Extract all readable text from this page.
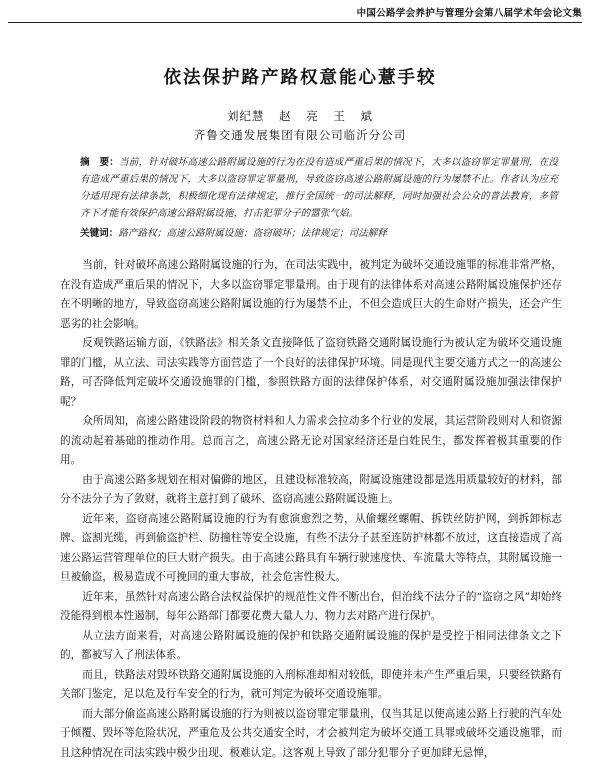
中国公路学会养护与管理分会第八届学术年会论文集
依法保护路产路权意能心薏手较
刘纪慧 赵 亮 王 斌
齐鲁交通发展集团有限公司临沂分公司
摘　要：当前，针对破坏高速公路附属设施的行为在没有造成严重后果的情况下，大多以盗窃罪定罪量刑，在没有造成严重后果的情况下，大多以盗窃罪定罪量刑，导致盗窃高速公路附属设施的行为屡禁不止。作者认为应充分适用现有法律条款，积极细化现有法律规定，推行全国统一的司法解释，同时加强社会公众的普法教育，多管齐下才能有效保护高速公路附属设施，打击犯罪分子的嚣张气焰。
关键词：路产路权；高速公路附属设施；盗窃破坏；法律规定；司法解释

当前，针对破坏高速公路附属设施的行为，在司法实践中，被判定为破坏交通设施罪的标准非常严格，在没有造成严重后果的情况下，大多以盗窃罪定罪量刑。由于现有的法律体系对高速公路附属设施保护还存在不明晰的地方，导致盗窃高速公路附属设施的行为屡禁不止，不但会造成巨大的生命财产损失，还会产生恶劣的社会影响。

反观铁路运输方面，《铁路法》相关条文直接降低了盗窃铁路交通附属设施行为被认定为破坏交通设施罪的门槛，从立法、司法实践等方面营造了一个良好的法律保护环境。同是现代主要交通方式之一的高速公路，可否降低判定破坏交通设施罪的门槛，参照铁路方面的法律保护体系，对交通附属设施加强法律保护呢？

众所周知，高速公路建设阶段的物资材料和人力需求会拉动多个行业的发展，其运营阶段则对人和资源的流动起着基础的推动作用。总而言之，高速公路无论对国家经济还是白姓民生，都发挥着极其重要的作用。

由于高速公路多规划在相对偏僻的地区，且建设标准较高，附属设施建设都是选用质量较好的材料，部分不法分子为了敛财，就将主意打到了破坏、盗窃高速公路附属设施上。

近年来，盗窃高速公路附属设施的行为有愈演愈烈之势，从偷螺丝螺帽、拆铁丝防护网，到拆卸标志牌、盗割光缆，再到偷盗护栏、防撞柱等安全设施，有些不法分子甚至连防护林都不放过，这直接造成了高速公路运营管理单位的巨大财产损失。由于高速公路具有车辆行驶速度快、车流量大等特点，其附属设施一旦被偷盗，极易造成不可挽回的重大事故，社会危害性极大。

近年来，虽然针对高速公路合法权益保护的规范性文件不断出台，但治线不法分子的“盗窃之风”却始终没能得到根本性遏制，每年公路部门都要花费大量人力、物力去对路产进行保护。

从立法方面来看，对高速公路附属设施的保护和铁路交通附属设施的保护是受控于相同法律条文之下的，都被写入了刑法体系。

而且，铁路法对毁坏铁路交通附属设施的入刑标准却相对较低，即使并未产生严重后果，只要经铁路有关部门鉴定，足以危及行车安全的行为，就可判定为破坏交通设施罪。

而大部分偷盗高速公路附属设施的行为则被以盗窃罪定罪量刑，仅当其足以使高速公路上行驶的汽车处于倾覆、毁坏等危险状况，严重危及公共交通安全时，才会被判定为破坏交通工具罪或破坏交通设施罪，而且这种情况在司法实践中极少出现、极难认定。这客观上导致了部分犯罪分子更加肆无忌惮，
